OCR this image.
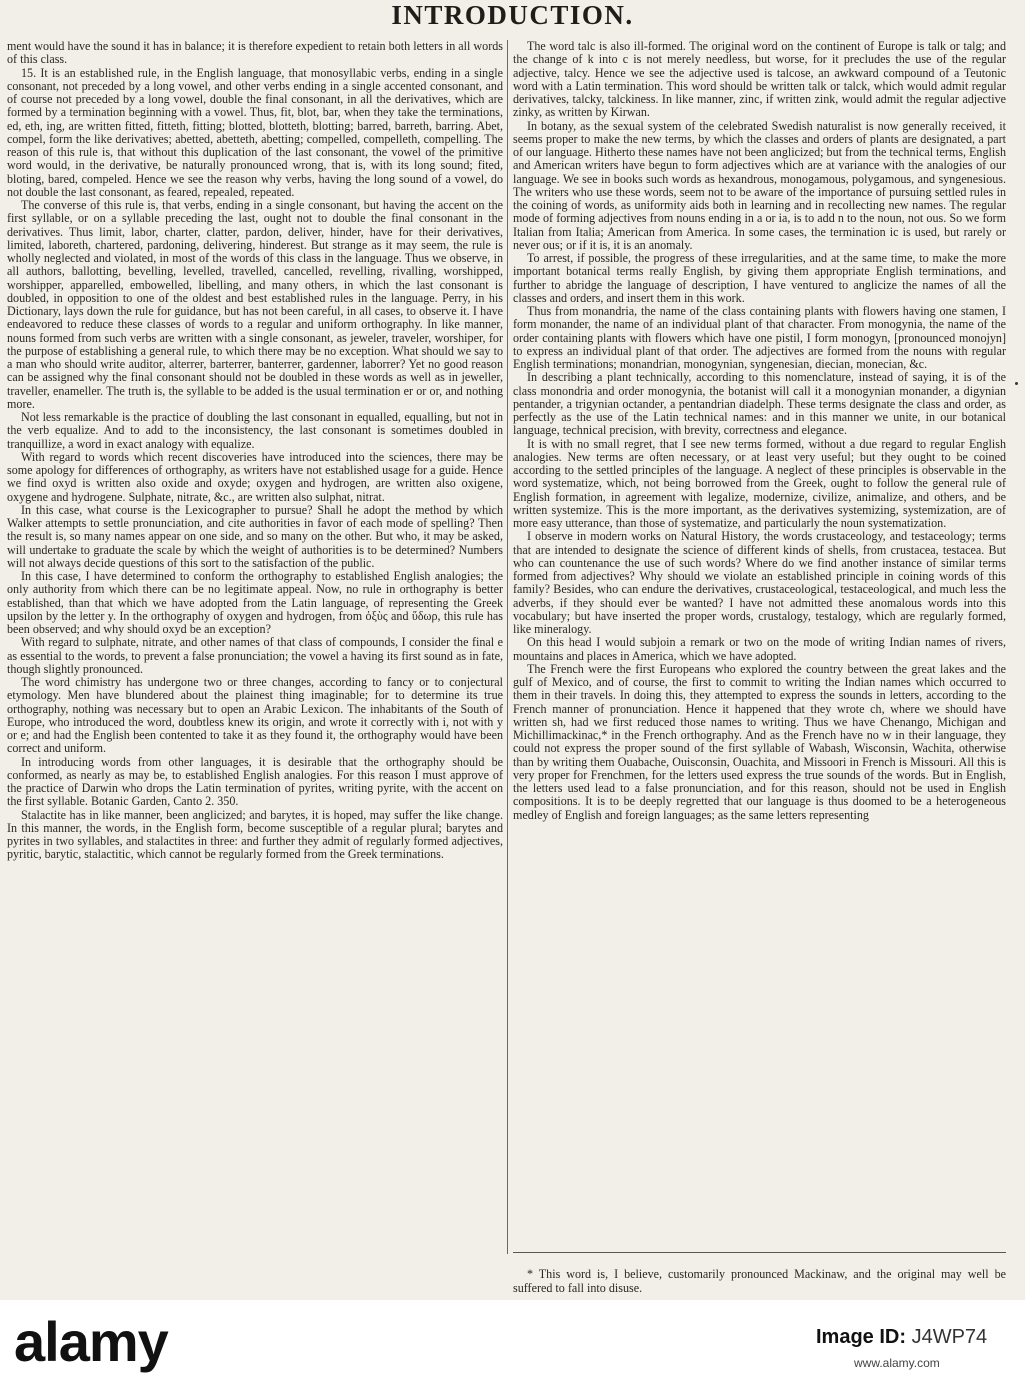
INTRODUCTION.

ment would have the sound it has in balance; it is therefore expedient to retain both letters in all words of this class.

15. It is an established rule, in the English language, that monosyllabic verbs, ending in a single consonant, not preceded by a long vowel, and other verbs ending in a single accented consonant, and of course not preceded by a long vowel, double the final consonant, in all the derivatives, which are formed by a termination beginning with a vowel. Thus, fit, blot, bar, when they take the terminations, ed, eth, ing, are written fitted, fitteth, fitting; blotted, blotteth, blotting; barred, barreth, barring. Abet, compel, form the like derivatives; abetted, abetteth, abetting; compelled, compelleth, compelling. The reason of this rule is, that without this duplication of the last consonant, the vowel of the primitive word would, in the derivative, be naturally pronounced wrong, that is, with its long sound; fited, bloting, bared, compeled. Hence we see the reason why verbs, having the long sound of a vowel, do not double the last consonant, as feared, repealed, repeated.

The converse of this rule is, that verbs, ending in a single consonant, but having the accent on the first syllable, or on a syllable preceding the last, ought not to double the final consonant in the derivatives. Thus limit, labor, charter, clatter, pardon, deliver, hinder, have for their derivatives, limited, laboreth, chartered, pardoning, delivering, hinderest. But strange as it may seem, the rule is wholly neglected and violated, in most of the words of this class in the language. Thus we observe, in all authors, ballotting, bevelling, levelled, travelled, cancelled, revelling, rivalling, worshipped, worshipper, apparelled, embowelled, libelling, and many others, in which the last consonant is doubled, in opposition to one of the oldest and best established rules in the language. Perry, in his Dictionary, lays down the rule for guidance, but has not been careful, in all cases, to observe it. I have endeavored to reduce these classes of words to a regular and uniform orthography. In like manner, nouns formed from such verbs are written with a single consonant, as jeweler, traveler, worshiper, for the purpose of establishing a general rule, to which there may be no exception. What should we say to a man who should write auditor, alterrer, barterrer, banterrer, gardenner, laborrer? Yet no good reason can be assigned why the final consonant should not be doubled in these words as well as in jeweller, traveller, enameller. The truth is, the syllable to be added is the usual termination er or or, and nothing more.

Not less remarkable is the practice of doubling the last consonant in equalled, equalling, but not in the verb equalize. And to add to the inconsistency, the last consonant is sometimes doubled in tranquillize, a word in exact analogy with equalize.

With regard to words which recent discoveries have introduced into the sciences, there may be some apology for differences of orthography, as writers have not established usage for a guide. Hence we find oxyd is written also oxide and oxyde; oxygen and hydrogen, are written also oxigene, oxygene and hydrogene. Sulphate, nitrate, &c., are written also sulphat, nitrat.

In this case, what course is the Lexicographer to pursue? Shall he adopt the method by which Walker attempts to settle pronunciation, and cite authorities in favor of each mode of spelling? Then the result is, so many names appear on one side, and so many on the other. But who, it may be asked, will undertake to graduate the scale by which the weight of authorities is to be determined? Numbers will not always decide questions of this sort to the satisfaction of the public.

In this case, I have determined to conform the orthography to established English analogies; the only authority from which there can be no legitimate appeal. Now, no rule in orthography is better established, than that which we have adopted from the Latin language, of representing the Greek upsilon by the letter y. In the orthography of oxygen and hydrogen, from ὀξὺς and ὕδωρ, this rule has been observed; and why should oxyd be an exception?

With regard to sulphate, nitrate, and other names of that class of compounds, I consider the final e as essential to the words, to prevent a false pronunciation; the vowel a having its first sound as in fate, though slightly pronounced.

The word chimistry has undergone two or three changes, according to fancy or to conjectural etymology. Men have blundered about the plainest thing imaginable; for to determine its true orthography, nothing was necessary but to open an Arabic Lexicon. The inhabitants of the South of Europe, who introduced the word, doubtless knew its origin, and wrote it correctly with i, not with y or e; and had the English been contented to take it as they found it, the orthography would have been correct and uniform.

In introducing words from other languages, it is desirable that the orthography should be conformed, as nearly as may be, to established English analogies. For this reason I must approve of the practice of Darwin who drops the Latin termination of pyrites, writing pyrite, with the accent on the first syllable. Botanic Garden, Canto 2. 350.

Stalactite has in like manner, been anglicized; and barytes, it is hoped, may suffer the like change. In this manner, the words, in the English form, become susceptible of a regular plural; barytes and pyrites in two syllables, and stalactites in three: and further they admit of regularly formed adjectives, pyritic, barytic, stalactitic, which cannot be regularly formed from the Greek terminations.

The word talc is also ill-formed. The original word on the continent of Europe is talk or talg; and the change of k into c is not merely needless, but worse, for it precludes the use of the regular adjective, talcy. Hence we see the adjective used is talcose, an awkward compound of a Teutonic word with a Latin termination. This word should be written talk or talck, which would admit regular derivatives, talcky, talckiness. In like manner, zinc, if written zink, would admit the regular adjective zinky, as written by Kirwan.

In botany, as the sexual system of the celebrated Swedish naturalist is now generally received, it seems proper to make the new terms, by which the classes and orders of plants are designated, a part of our language. Hitherto these names have not been anglicized; but from the technical terms, English and American writers have begun to form adjectives which are at variance with the analogies of our language. We see in books such words as hexandrous, monogamous, polygamous, and syngenesious. The writers who use these words, seem not to be aware of the importance of pursuing settled rules in the coining of words, as uniformity aids both in learning and in recollecting new names. The regular mode of forming adjectives from nouns ending in a or ia, is to add n to the noun, not ous. So we form Italian from Italia; American from America. In some cases, the termination ic is used, but rarely or never ous; or if it is, it is an anomaly.

To arrest, if possible, the progress of these irregularities, and at the same time, to make the more important botanical terms really English, by giving them appropriate English terminations, and further to abridge the language of description, I have ventured to anglicize the names of all the classes and orders, and insert them in this work.

Thus from monandria, the name of the class containing plants with flowers having one stamen, I form monander, the name of an individual plant of that character. From monogynia, the name of the order containing plants with flowers which have one pistil, I form monogyn, [pronounced monojyn] to express an individual plant of that order. The adjectives are formed from the nouns with regular English terminations; monandrian, monogynian, syngenesian, diecian, monecian, &c.

In describing a plant technically, according to this nomenclature, instead of saying, it is of the class monondria and order monogynia, the botanist will call it a monogynian monander, a digynian pentander, a trigynian octander, a pentandrian diadelph. These terms designate the class and order, as perfectly as the use of the Latin technical names: and in this manner we unite, in our botanical language, technical precision, with brevity, correctness and elegance.

It is with no small regret, that I see new terms formed, without a due regard to regular English analogies. New terms are often necessary, or at least very useful; but they ought to be coined according to the settled principles of the language. A neglect of these principles is observable in the word systematize, which, not being borrowed from the Greek, ought to follow the general rule of English formation, in agreement with legalize, modernize, civilize, animalize, and others, and be written systemize. This is the more important, as the derivatives systemizing, systemization, are of more easy utterance, than those of systematize, and particularly the noun systematization.

I observe in modern works on Natural History, the words crustaceology, and testaceology; terms that are intended to designate the science of different kinds of shells, from crustacea, testacea. But who can countenance the use of such words? Where do we find another instance of similar terms formed from adjectives? Why should we violate an established principle in coining words of this family? Besides, who can endure the derivatives, crustaceological, testaceological, and much less the adverbs, if they should ever be wanted? I have not admitted these anomalous words into this vocabulary; but have inserted the proper words, crustalogy, testalogy, which are regularly formed, like mineralogy.

On this head I would subjoin a remark or two on the mode of writing Indian names of rivers, mountains and places in America, which we have adopted.

The French were the first Europeans who explored the country between the great lakes and the gulf of Mexico, and of course, the first to commit to writing the Indian names which occurred to them in their travels. In doing this, they attempted to express the sounds in letters, according to the French manner of pronunciation. Hence it happened that they wrote ch, where we should have written sh, had we first reduced those names to writing. Thus we have Chenango, Michigan and Michillimackinac,* in the French orthography. And as the French have no w in their language, they could not express the proper sound of the first syllable of Wabash, Wisconsin, Wachita, otherwise than by writing them Ouabache, Ouisconsin, Ouachita, and Missoori in French is Missouri. All this is very proper for Frenchmen, for the letters used express the true sounds of the words. But in English, the letters used lead to a false pronunciation, and for this reason, should not be used in English compositions. It is to be deeply regretted that our language is thus doomed to be a heterogeneous medley of English and foreign languages; as the same letters representing

* This word is, I believe, customarily pronounced Mackinaw, and the original may well be suffered to fall into disuse.

alamy	Image ID: J4WP74
www.alamy.com
